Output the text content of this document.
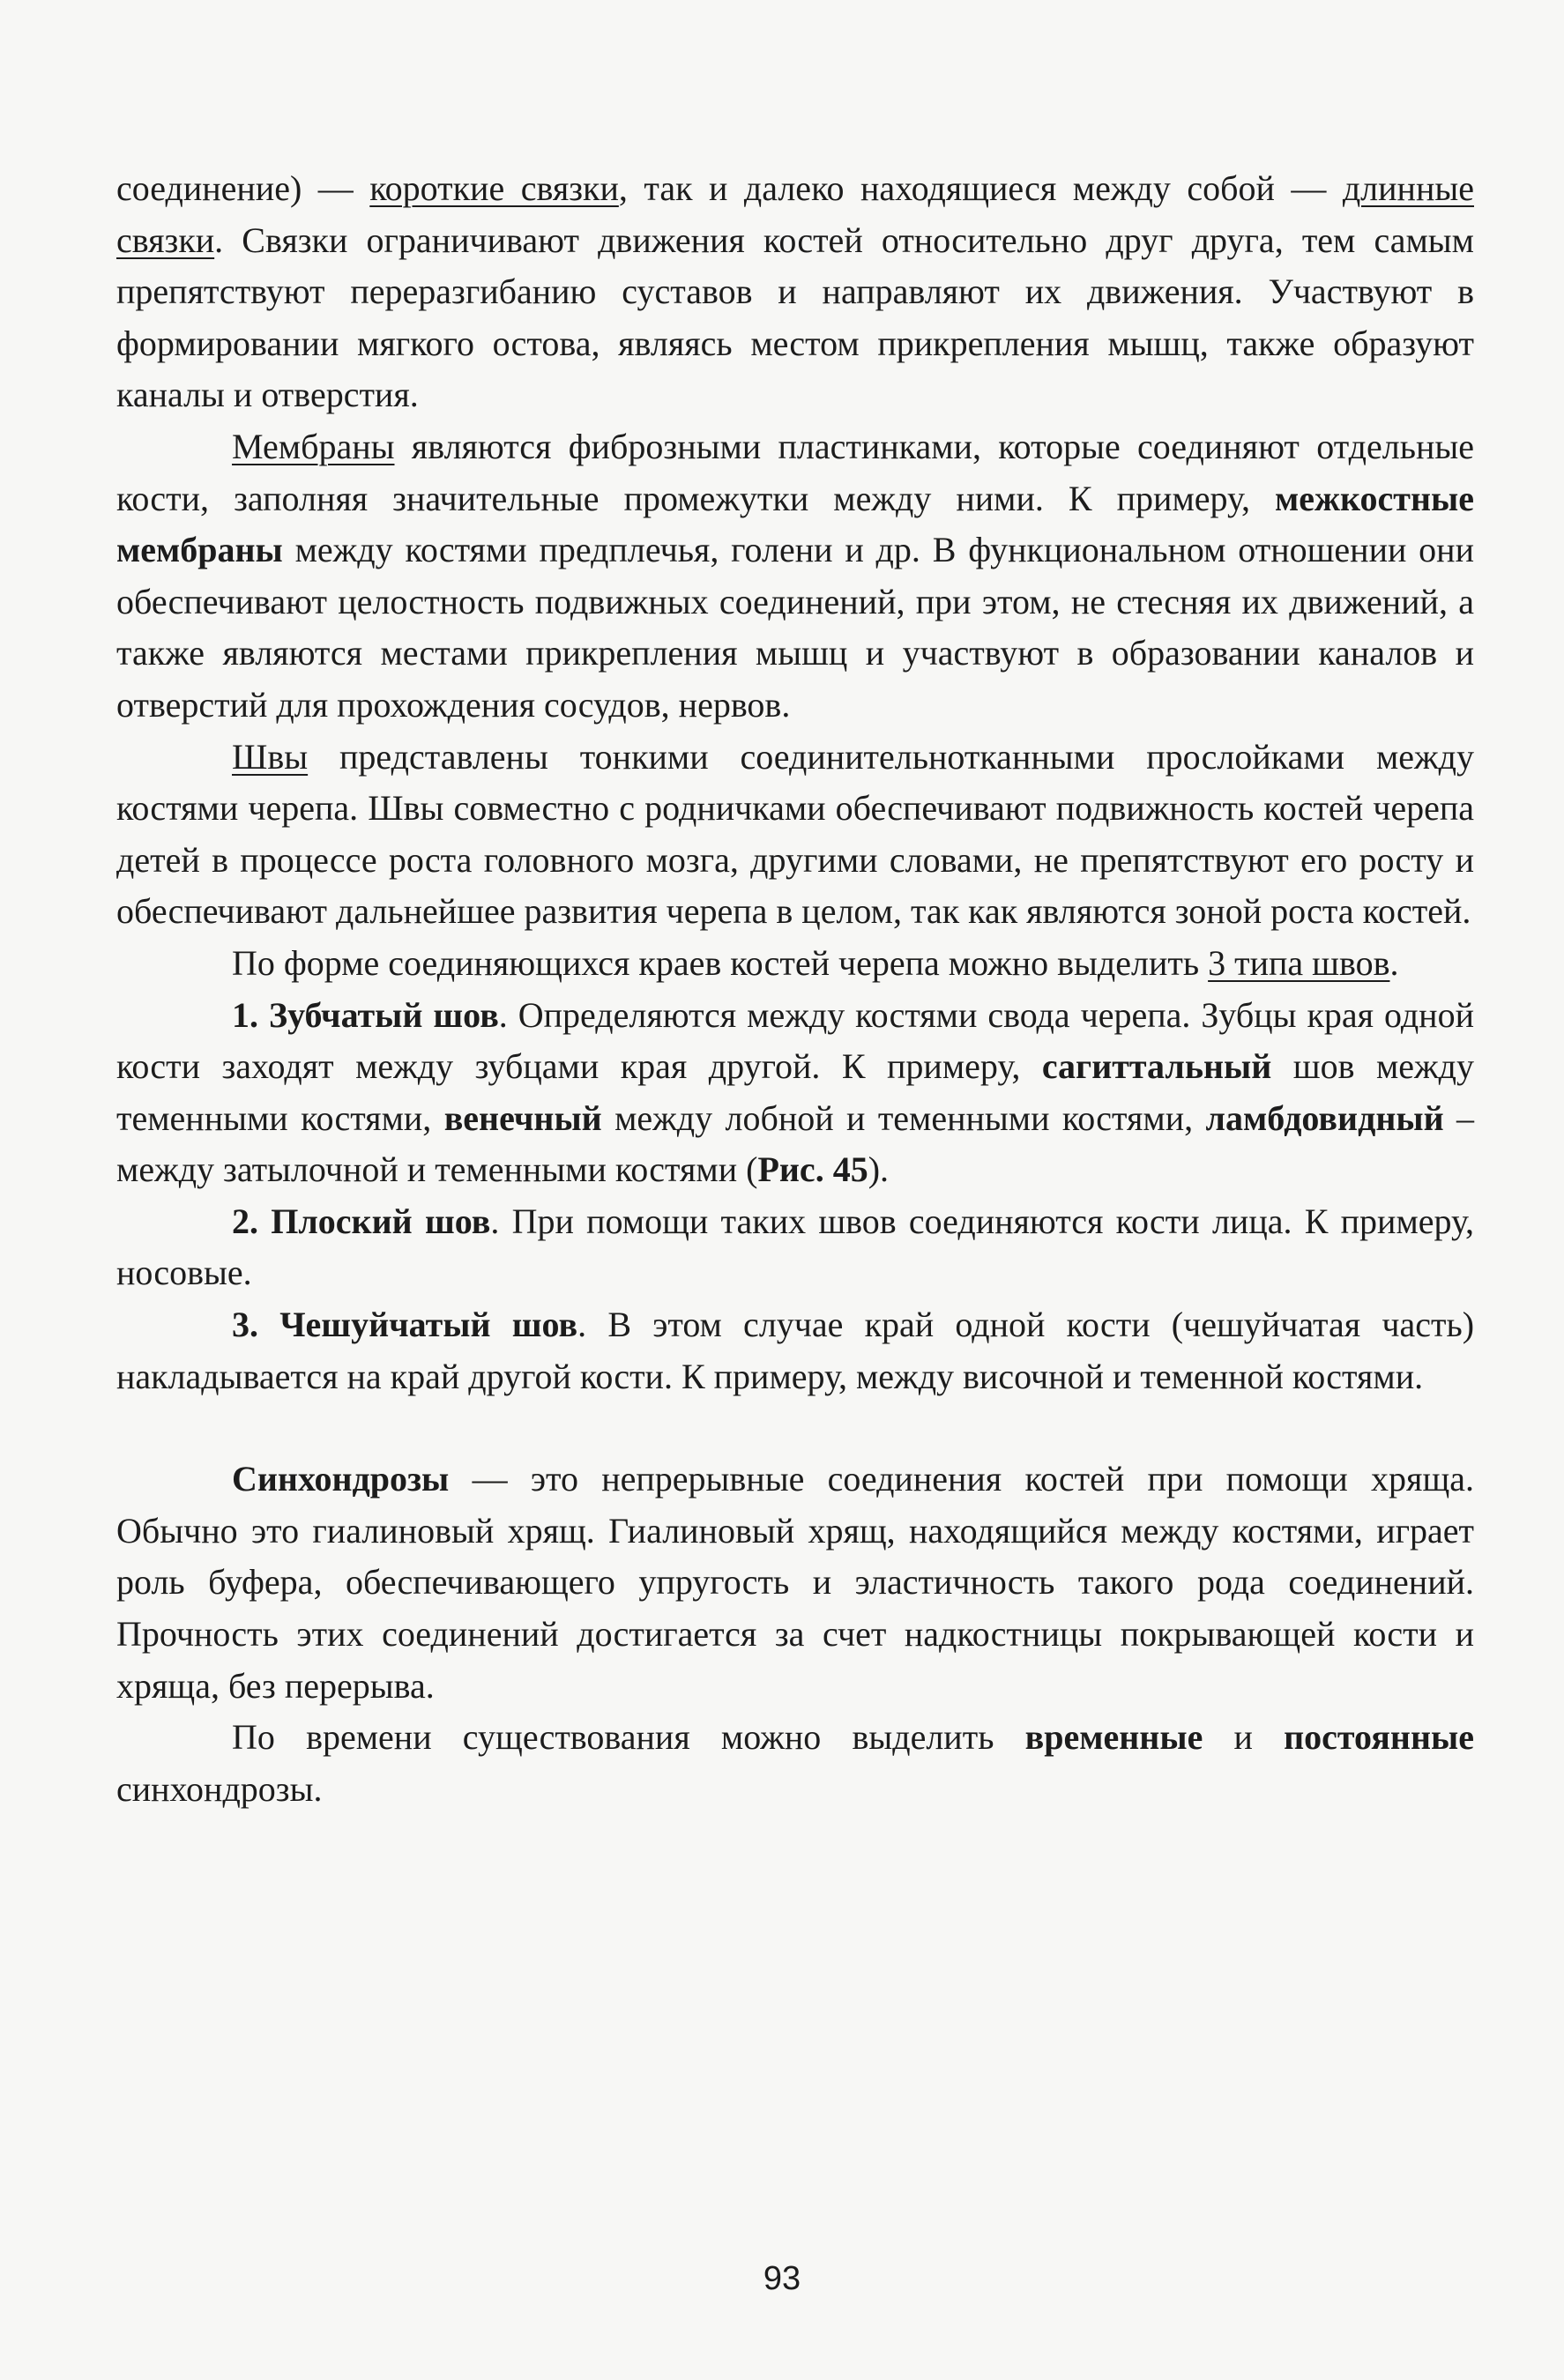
соединение) — короткие связки, так и далеко находящиеся между собой — длинные связки. Связки ограничивают движения костей относительно друг друга, тем самым препятствуют переразгибанию суставов и направляют их движения. Участвуют в формировании мягкого остова, являясь местом прикрепления мышц, также образуют каналы и отверстия.

Мембраны являются фиброзными пластинками, которые соединяют отдельные кости, заполняя значительные промежутки между ними. К примеру, межкостные мембраны между костями предплечья, голени и др. В функциональном отношении они обеспечивают целостность подвижных соединений, при этом, не стесняя их движений, а также являются местами прикрепления мышц и участвуют в образовании каналов и отверстий для прохождения сосудов, нервов.

Швы представлены тонкими соединительнотканными прослойками между костями черепа. Швы совместно с родничками обеспечивают подвижность костей черепа детей в процессе роста головного мозга, другими словами, не препятствуют его росту и обеспечивают дальнейшее развития черепа в целом, так как являются зоной роста костей.

По форме соединяющихся краев костей черепа можно выделить 3 типа швов.

1. Зубчатый шов. Определяются между костями свода черепа. Зубцы края одной кости заходят между зубцами края другой. К примеру, сагиттальный шов между теменными костями, венечный между лобной и теменными костями, ламбдовидный – между затылочной и теменными костями (Рис. 45).

2. Плоский шов. При помощи таких швов соединяются кости лица. К примеру, носовые.

3. Чешуйчатый шов. В этом случае край одной кости (чешуйчатая часть) накладывается на край другой кости. К примеру, между височной и теменной костями.

Синхондрозы — это непрерывные соединения костей при помощи хряща. Обычно это гиалиновый хрящ. Гиалиновый хрящ, находящийся между костями, играет роль буфера, обеспечивающего упругость и эластичность такого рода соединений. Прочность этих соединений достигается за счет надкостницы покрывающей кости и хряща, без перерыва.

По времени существования можно выделить временные и постоянные синхондрозы.

93
